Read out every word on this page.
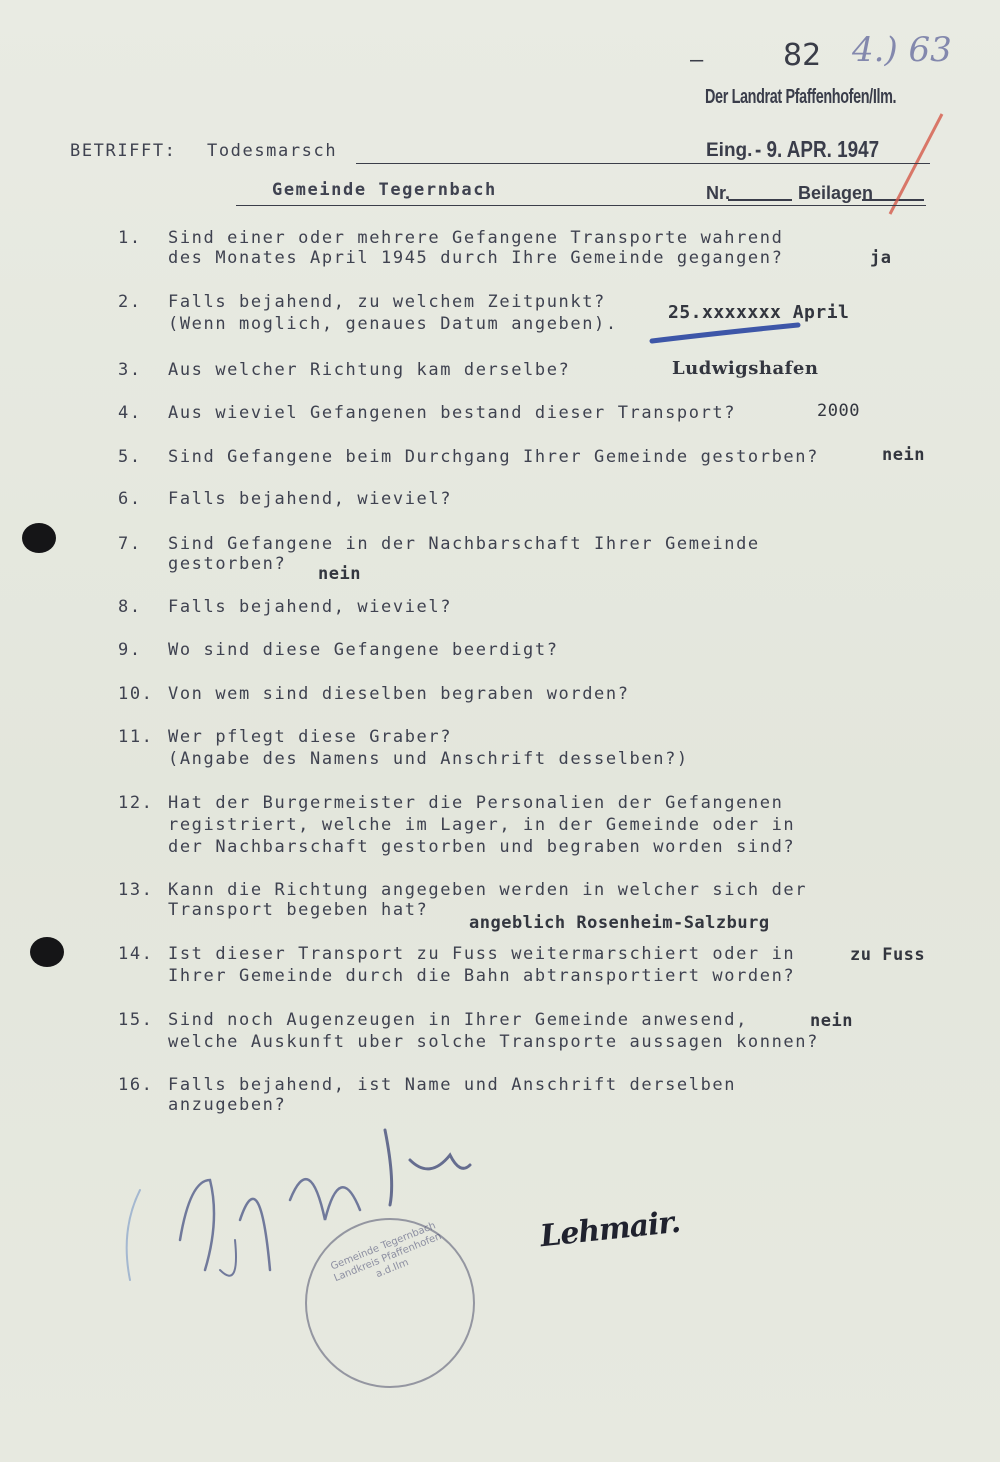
82
–	4.) 63
Der Landrat Pfaffenhofen/Ilm.
Eing. - 9. APR. 1947
Nr.	Beilagen
BETRIFFT: Todesmarsch
Gemeinde Tegernbach
1.	Sind einer oder mehrere Gefangene Transporte wahrend
des Monates April 1945 durch Ihre Gemeinde gegangen?	ja
2.	Falls bejahend, zu welchem Zeitpunkt?
(Wenn moglich, genaues Datum angeben).
25.xxxxxxx April
3.	Aus welcher Richtung kam derselbe?	Ludwigshafen
4.	Aus wieviel Gefangenen bestand dieser Transport?	2000
5.	Sind Gefangene beim Durchgang Ihrer Gemeinde gestorben?	nein
6.	Falls bejahend, wieviel?
7.	Sind Gefangene in der Nachbarschaft Ihrer Gemeinde
gestorben? nein
8.	Falls bejahend, wieviel?
9.	Wo sind diese Gefangene beerdigt?
10. Von wem sind dieselben begraben worden?
11. Wer pflegt diese Graber?
(Angabe des Namens und Anschrift desselben?)
12. Hat der Burgermeister die Personalien der Gefangenen
registriert, welche im Lager, in der Gemeinde oder in
der Nachbarschaft gestorben und begraben worden sind?
13. Kann die Richtung angegeben werden in welcher sich der
Transport begeben hat?
angeblich Rosenheim-Salzburg
14. Ist dieser Transport zu Fuss weitermarschiert oder in
Ihrer Gemeinde durch die Bahn abtransportiert worden?
zu Fuss
15. Sind noch Augenzeugen in Ihrer Gemeinde anwesend,
welche Auskunft uber solche Transporte aussagen konnen?
nein
16. Falls bejahend, ist Name und Anschrift derselben
anzugeben?
Lehmair.
Gemeinde Tegernbach Landkreis Pfaffenhofen a.d.Ilm
